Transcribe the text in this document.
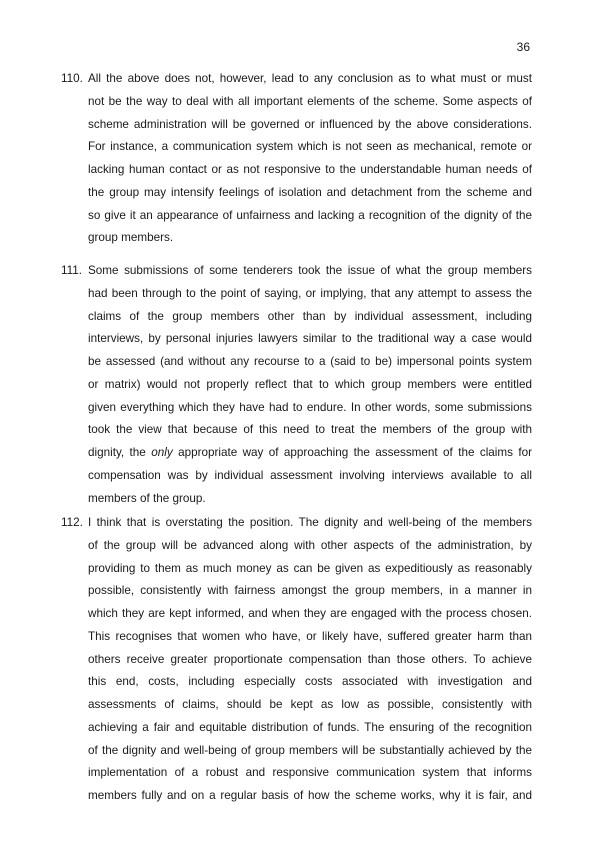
36
110. All the above does not, however, lead to any conclusion as to what must or must
not be the way to deal with all important elements of the scheme. Some aspects of
scheme administration will be governed or influenced by the above considerations.
For instance, a communication system which is not seen as mechanical, remote or
lacking human contact or as not responsive to the understandable human needs of
the group may intensify feelings of isolation and detachment from the scheme and
so give it an appearance of unfairness and lacking a recognition of the dignity of the
group members.
111. Some submissions of some tenderers took the issue of what the group members
had been through to the point of saying, or implying, that any attempt to assess the
claims of the group members other than by individual assessment, including
interviews, by personal injuries lawyers similar to the traditional way a case would
be assessed (and without any recourse to a (said to be) impersonal points system
or matrix) would not properly reflect that to which group members were entitled
given everything which they have had to endure. In other words, some submissions
took the view that because of this need to treat the members of the group with
dignity, the only appropriate way of approaching the assessment of the claims for
compensation was by individual assessment involving interviews available to all
members of the group.
112. I think that is overstating the position. The dignity and well-being of the members
of the group will be advanced along with other aspects of the administration, by
providing to them as much money as can be given as expeditiously as reasonably
possible, consistently with fairness amongst the group members, in a manner in
which they are kept informed, and when they are engaged with the process chosen.
This recognises that women who have, or likely have, suffered greater harm than
others receive greater proportionate compensation than those others. To achieve
this end, costs, including especially costs associated with investigation and
assessments of claims, should be kept as low as possible, consistently with
achieving a fair and equitable distribution of funds. The ensuring of the recognition
of the dignity and well-being of group members will be substantially achieved by the
implementation of a robust and responsive communication system that informs
members fully and on a regular basis of how the scheme works, why it is fair, and
